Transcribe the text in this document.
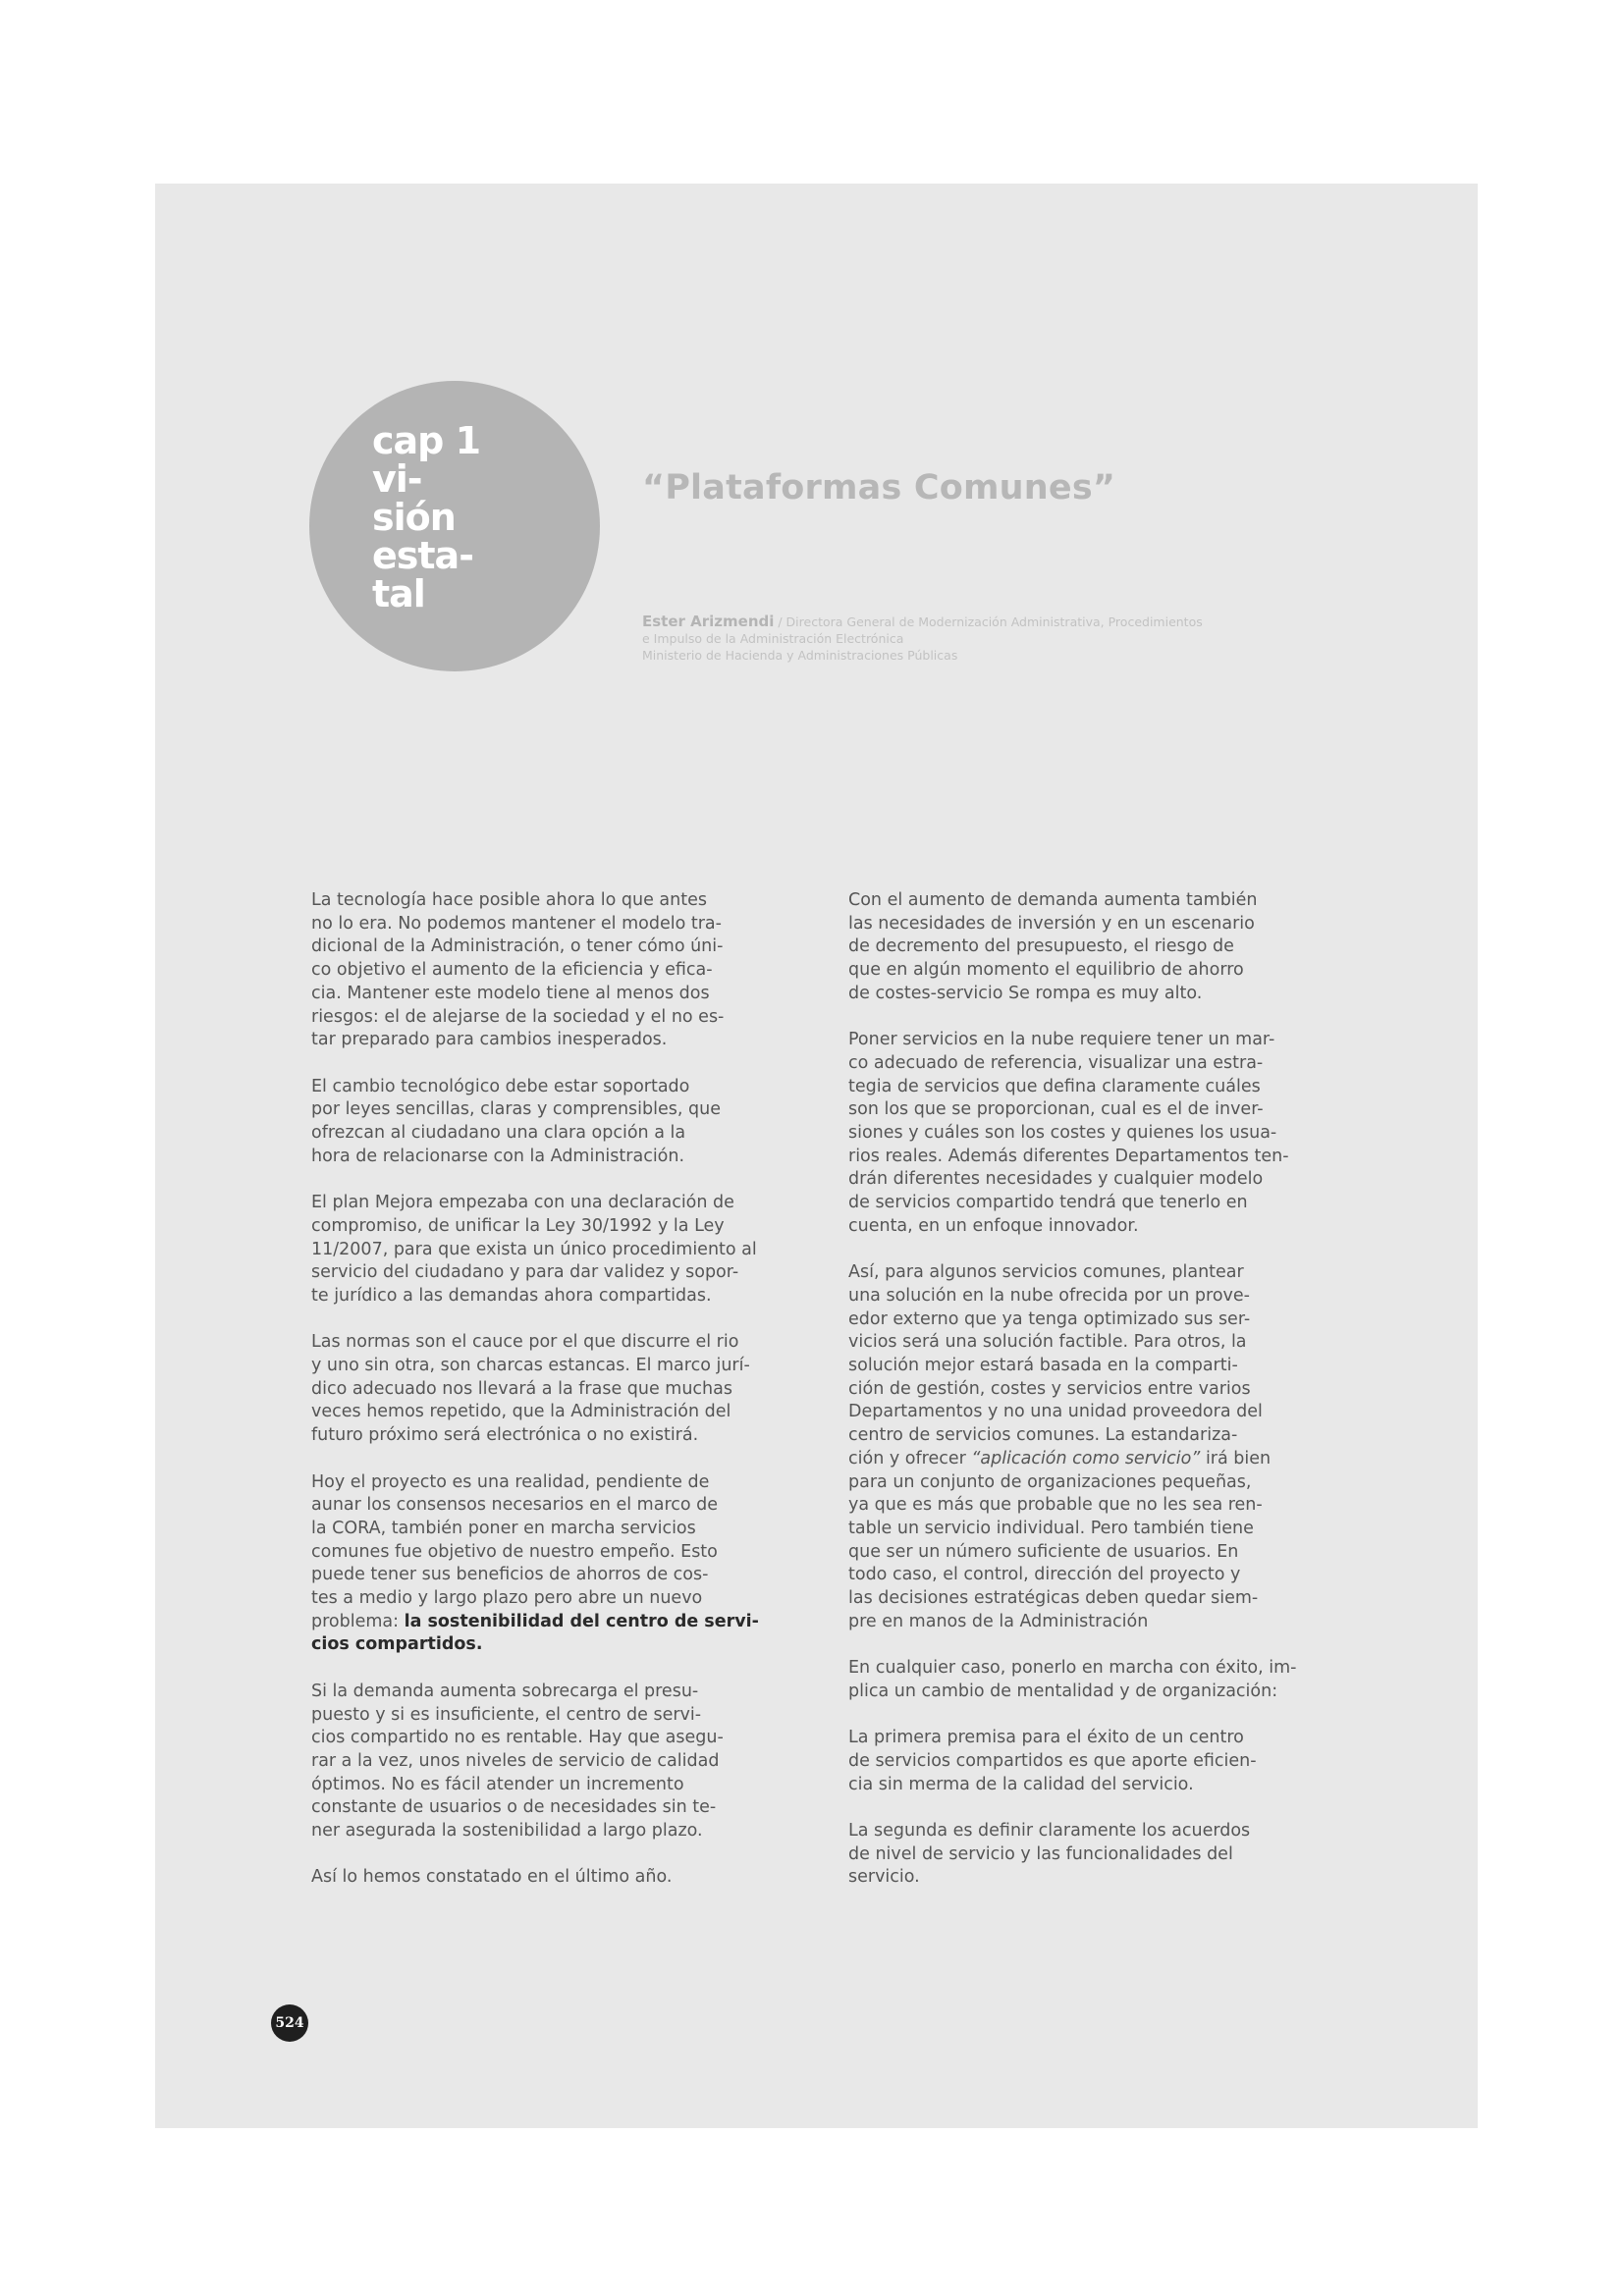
cap 1
vi-
sión
esta-
tal
“Plataformas Comunes”
Ester Arizmendi / Directora General de Modernización Administrativa, Procedimientos
e Impulso de la Administración Electrónica
Ministerio de Hacienda y Administraciones Públicas

La tecnología hace posible ahora lo que antes
no lo era. No podemos mantener el modelo tra-
dicional de la Administración, o tener cómo úni-
co objetivo el aumento de la eficiencia y efica-
cia. Mantener este modelo tiene al menos dos
riesgos: el de alejarse de la sociedad y el no es-
tar preparado para cambios inesperados.

El cambio tecnológico debe estar soportado
por leyes sencillas, claras y comprensibles, que
ofrezcan al ciudadano una clara opción a la
hora de relacionarse con la Administración.

El plan Mejora empezaba con una declaración de
compromiso, de unificar la Ley 30/1992 y la Ley
11/2007, para que exista un único procedimiento al
servicio del ciudadano y para dar validez y sopor-
te jurídico a las demandas ahora compartidas.

Las normas son el cauce por el que discurre el rio
y uno sin otra, son charcas estancas. El marco jurí-
dico adecuado nos llevará a la frase que muchas
veces hemos repetido, que la Administración del
futuro próximo será electrónica o no existirá.

Hoy el proyecto es una realidad, pendiente de
aunar los consensos necesarios en el marco de
la CORA, también poner en marcha servicios
comunes fue objetivo de nuestro empeño. Esto
puede tener sus beneficios de ahorros de cos-
tes a medio y largo plazo pero abre un nuevo
problema: la sostenibilidad del centro de servi-
cios compartidos.

Si la demanda aumenta sobrecarga el presu-
puesto y si es insuficiente, el centro de servi-
cios compartido no es rentable. Hay que asegu-
rar a la vez, unos niveles de servicio de calidad
óptimos. No es fácil atender un incremento
constante de usuarios o de necesidades sin te-
ner asegurada la sostenibilidad a largo plazo.

Así lo hemos constatado en el último año.

Con el aumento de demanda aumenta también
las necesidades de inversión y en un escenario
de decremento del presupuesto, el riesgo de
que en algún momento el equilibrio de ahorro
de costes-servicio Se rompa es muy alto.

Poner servicios en la nube requiere tener un mar-
co adecuado de referencia, visualizar una estra-
tegia de servicios que defina claramente cuáles
son los que se proporcionan, cual es el de inver-
siones y cuáles son los costes y quienes los usua-
rios reales. Además diferentes Departamentos ten-
drán diferentes necesidades y cualquier modelo
de servicios compartido tendrá que tenerlo en
cuenta, en un enfoque innovador.

Así, para algunos servicios comunes, plantear
una solución en la nube ofrecida por un prove-
edor externo que ya tenga optimizado sus ser-
vicios será una solución factible. Para otros, la
solución mejor estará basada en la comparti-
ción de gestión, costes y servicios entre varios
Departamentos y no una unidad proveedora del
centro de servicios comunes. La estandariza-
ción y ofrecer “aplicación como servicio” irá bien
para un conjunto de organizaciones pequeñas,
ya que es más que probable que no les sea ren-
table un servicio individual. Pero también tiene
que ser un número suficiente de usuarios. En
todo caso, el control, dirección del proyecto y
las decisiones estratégicas deben quedar siem-
pre en manos de la Administración

En cualquier caso, ponerlo en marcha con éxito, im-
plica un cambio de mentalidad y de organización:

La primera premisa para el éxito de un centro
de servicios compartidos es que aporte eficien-
cia sin merma de la calidad del servicio.

La segunda es definir claramente los acuerdos
de nivel de servicio y las funcionalidades del
servicio.

524
